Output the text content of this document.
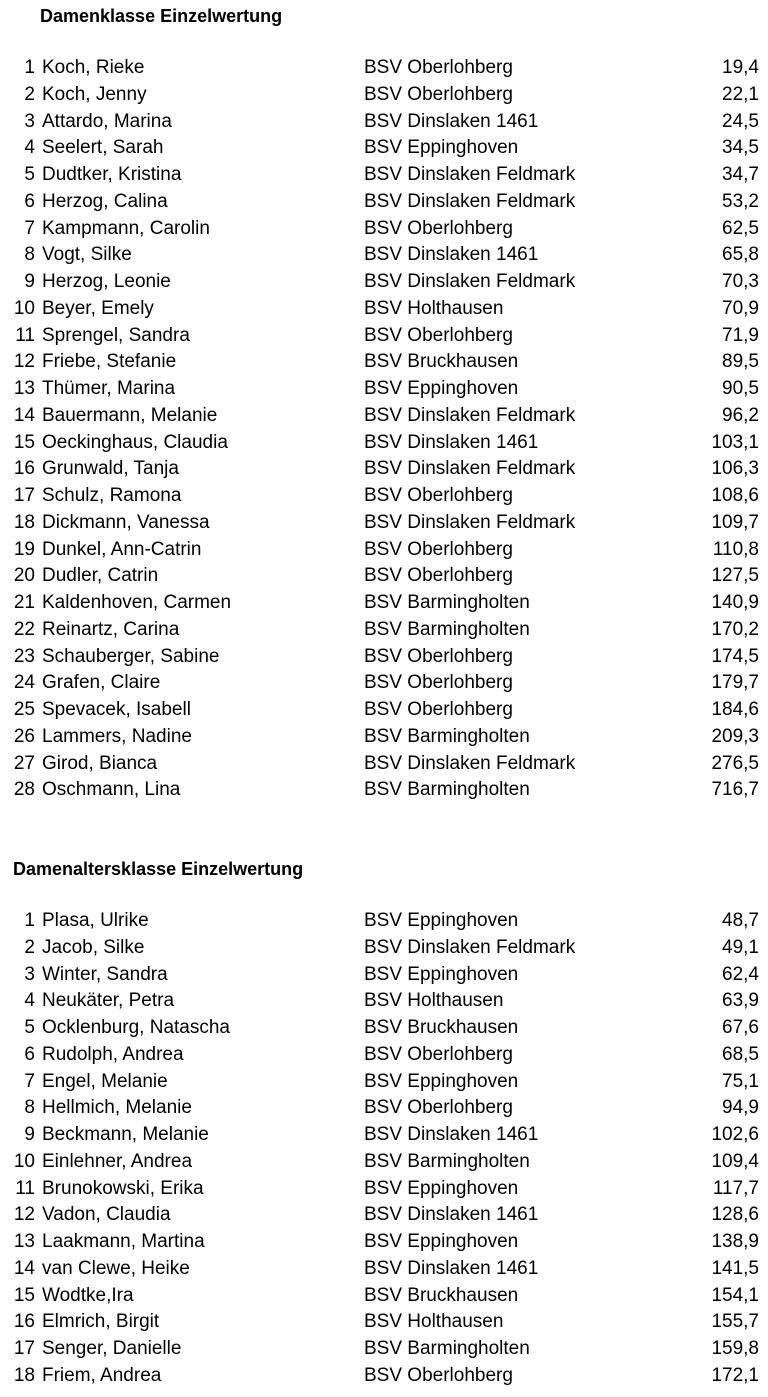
Damenklasse Einzelwertung
1 Koch, Rieke	BSV Oberlohberg	19,4
2 Koch, Jenny	BSV Oberlohberg	22,1
3 Attardo, Marina	BSV Dinslaken 1461	24,5
4 Seelert, Sarah	BSV Eppinghoven	34,5
5 Dudtker, Kristina	BSV Dinslaken Feldmark	34,7
6 Herzog, Calina	BSV Dinslaken Feldmark	53,2
7 Kampmann, Carolin	BSV Oberlohberg	62,5
8 Vogt, Silke	BSV Dinslaken 1461	65,8
9 Herzog, Leonie	BSV Dinslaken Feldmark	70,3
10 Beyer, Emely	BSV Holthausen	70,9
11 Sprengel, Sandra	BSV Oberlohberg	71,9
12 Friebe, Stefanie	BSV Bruckhausen	89,5
13 Thümer, Marina	BSV Eppinghoven	90,5
14 Bauermann, Melanie	BSV Dinslaken Feldmark	96,2
15 Oeckinghaus, Claudia	BSV Dinslaken 1461	103,1
16 Grunwald, Tanja	BSV Dinslaken Feldmark	106,3
17 Schulz, Ramona	BSV Oberlohberg	108,6
18 Dickmann, Vanessa	BSV Dinslaken Feldmark	109,7
19 Dunkel, Ann-Catrin	BSV Oberlohberg	110,8
20 Dudler, Catrin	BSV Oberlohberg	127,5
21 Kaldenhoven, Carmen	BSV Barmingholten	140,9
22 Reinartz, Carina	BSV Barmingholten	170,2
23 Schauberger, Sabine	BSV Oberlohberg	174,5
24 Grafen, Claire	BSV Oberlohberg	179,7
25 Spevacek, Isabell	BSV Oberlohberg	184,6
26 Lammers, Nadine	BSV Barmingholten	209,3
27 Girod, Bianca	BSV Dinslaken Feldmark	276,5
28 Oschmann, Lina	BSV Barmingholten	716,7
Damenaltersklasse Einzelwertung
1 Plasa, Ulrike	BSV Eppinghoven	48,7
2 Jacob, Silke	BSV Dinslaken Feldmark	49,1
3 Winter, Sandra	BSV Eppinghoven	62,4
4 Neukäter, Petra	BSV Holthausen	63,9
5 Ocklenburg, Natascha	BSV Bruckhausen	67,6
6 Rudolph, Andrea	BSV Oberlohberg	68,5
7 Engel, Melanie	BSV Eppinghoven	75,1
8 Hellmich, Melanie	BSV Oberlohberg	94,9
9 Beckmann, Melanie	BSV Dinslaken 1461	102,6
10 Einlehner, Andrea	BSV Barmingholten	109,4
11 Brunokowski, Erika	BSV Eppinghoven	117,7
12 Vadon, Claudia	BSV Dinslaken 1461	128,6
13 Laakmann, Martina	BSV Eppinghoven	138,9
14 van Clewe, Heike	BSV Dinslaken 1461	141,5
15 Wodtke,Ira	BSV Bruckhausen	154,1
16 Elmrich, Birgit	BSV Holthausen	155,7
17 Senger, Danielle	BSV Barmingholten	159,8
18 Friem, Andrea	BSV Oberlohberg	172,1
